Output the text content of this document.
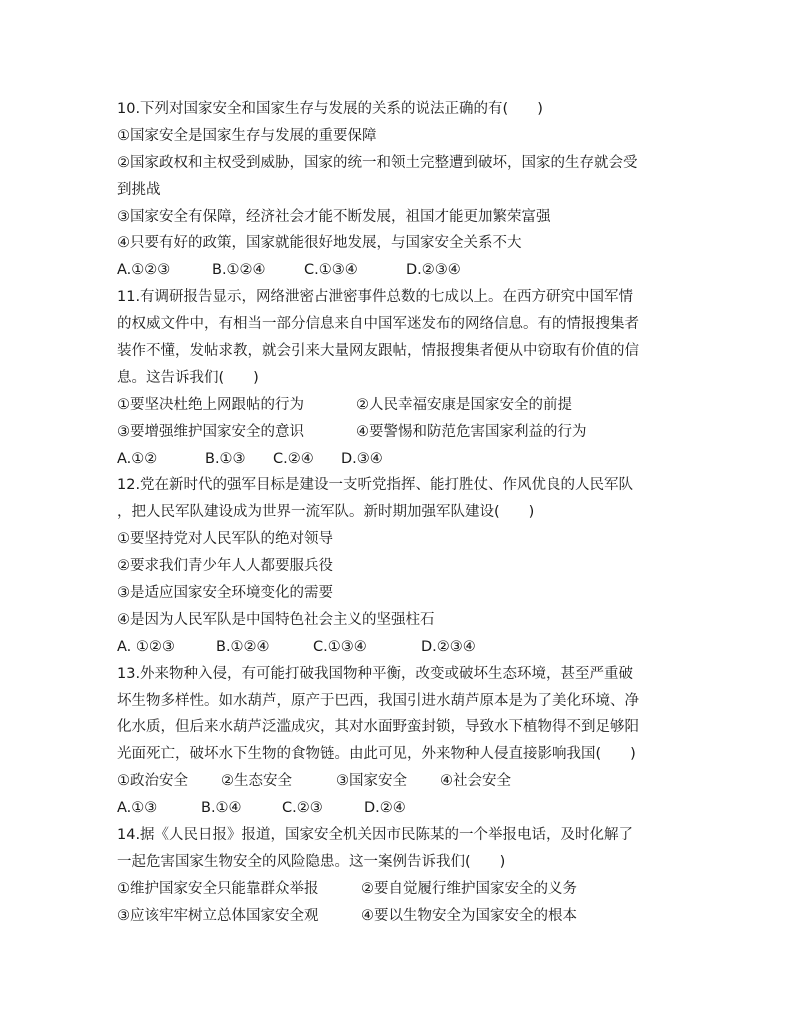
10.下列对国家安全和国家生存与发展的关系的说法正确的有(　　)
①国家安全是国家生存与发展的重要保障
②国家政权和主权受到威胁，国家的统一和领土完整遭到破坏，国家的生存就会受
到挑战
③国家安全有保障，经济社会才能不断发展，祖国才能更加繁荣富强
④只要有好的政策，国家就能很好地发展，与国家安全关系不大
A.①②③	B.①②④	C.①③④	D.②③④
11.有调研报告显示，网络泄密占泄密事件总数的七成以上。在西方研究中国军情
的权威文件中，有相当一部分信息来自中国军迷发布的网络信息。有的情报搜集者
装作不懂，发帖求教，就会引来大量网友跟帖，情报搜集者便从中窃取有价值的信
息。这告诉我们(　　)
①要坚决杜绝上网跟帖的行为	②人民幸福安康是国家安全的前提
③要增强维护国家安全的意识	④要警惕和防范危害国家利益的行为
A.①②	B.①③	C.②④	D.③④
12.党在新时代的强军目标是建设一支听党指挥、能打胜仗、作风优良的人民军队
，把人民军队建设成为世界一流军队。新时期加强军队建设(　　)
①要坚持党对人民军队的绝对领导
②要求我们青少年人人都要服兵役
③是适应国家安全环境变化的需要
④是因为人民军队是中国特色社会主义的坚强柱石
A. ①②③	B.①②④	C.①③④	D.②③④
13.外来物种入侵，有可能打破我国物种平衡，改变或破坏生态环境，甚至严重破
坏生物多样性。如水葫芦，原产于巴西，我国引进水葫芦原本是为了美化环境、净
化水质，但后来水葫芦泛滥成灾，其对水面野蛮封锁，导致水下植物得不到足够阳
光面死亡，破坏水下生物的食物链。由此可见，外来物种人侵直接影响我国(　　)
①政治安全	②生态安全	③国家安全	④社会安全
A.①③	B.①④	C.②③	D.②④
14.据《人民日报》报道，国家安全机关因市民陈某的一个举报电话，及时化解了
一起危害国家生物安全的风险隐患。这一案例告诉我们(　　)
①维护国家安全只能靠群众举报	②要自觉履行维护国家安全的义务
③应该牢牢树立总体国家安全观	④要以生物安全为国家安全的根本
